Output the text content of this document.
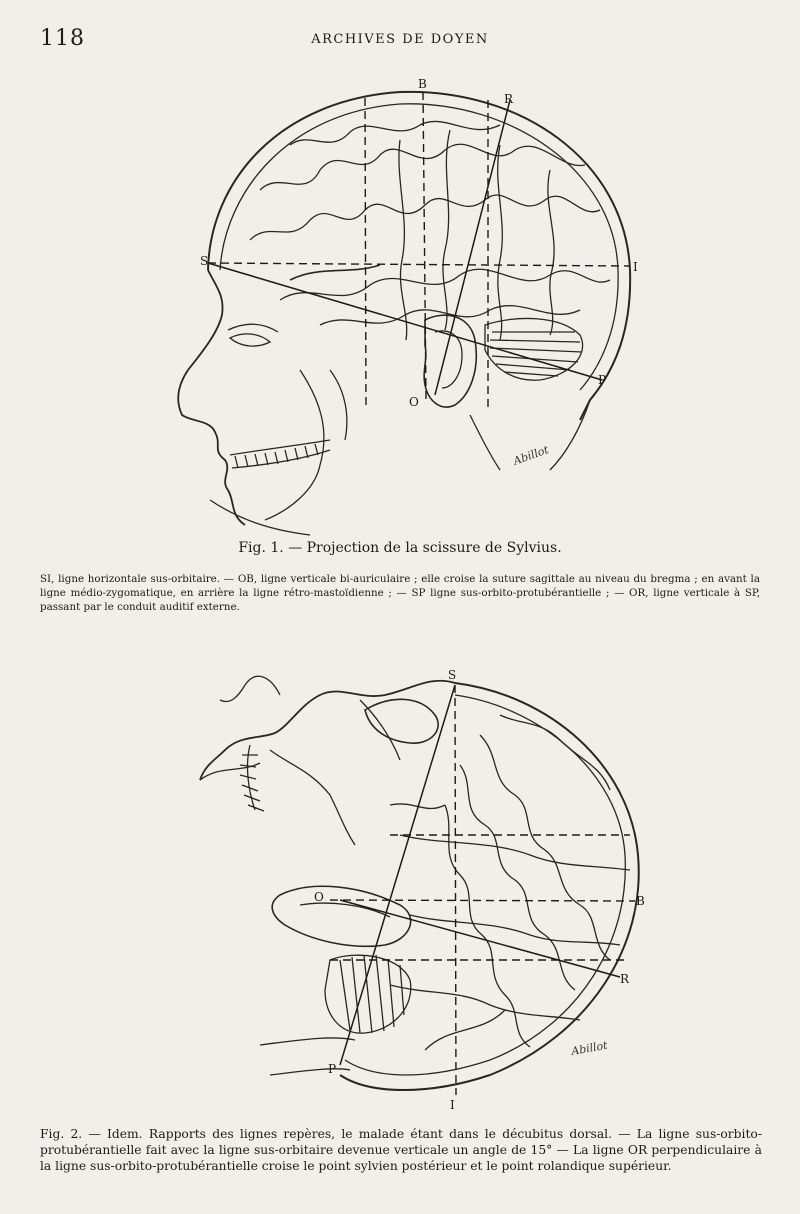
118	ARCHIVES DE DOYEN
S	I
B
R
O
P
Abillot
Fig. 1. — Projection de la scissure de Sylvius.
SI, ligne horizontale sus-orbitaire. — OB, ligne verticale bi-auriculaire ; elle croise la suture sagittale au niveau du bregma ; en avant la ligne médio-zygomatique, en arrière la ligne rétro-mastoïdienne ; — SP ligne sus-orbito-protubérantielle ; — OR, ligne verticale à SP, passant par le conduit auditif externe.
S
I
B
R
O
P
Abillot
Fig. 2. — Idem. Rapports des lignes repères, le malade étant dans le décubitus dorsal. — La ligne sus-orbito-protubérantielle fait avec la ligne sus-orbitaire devenue verticale un angle de 15° — La ligne OR perpendiculaire à la ligne sus-orbito-protubérantielle croise le point sylvien postérieur et le point rolandique supérieur.
